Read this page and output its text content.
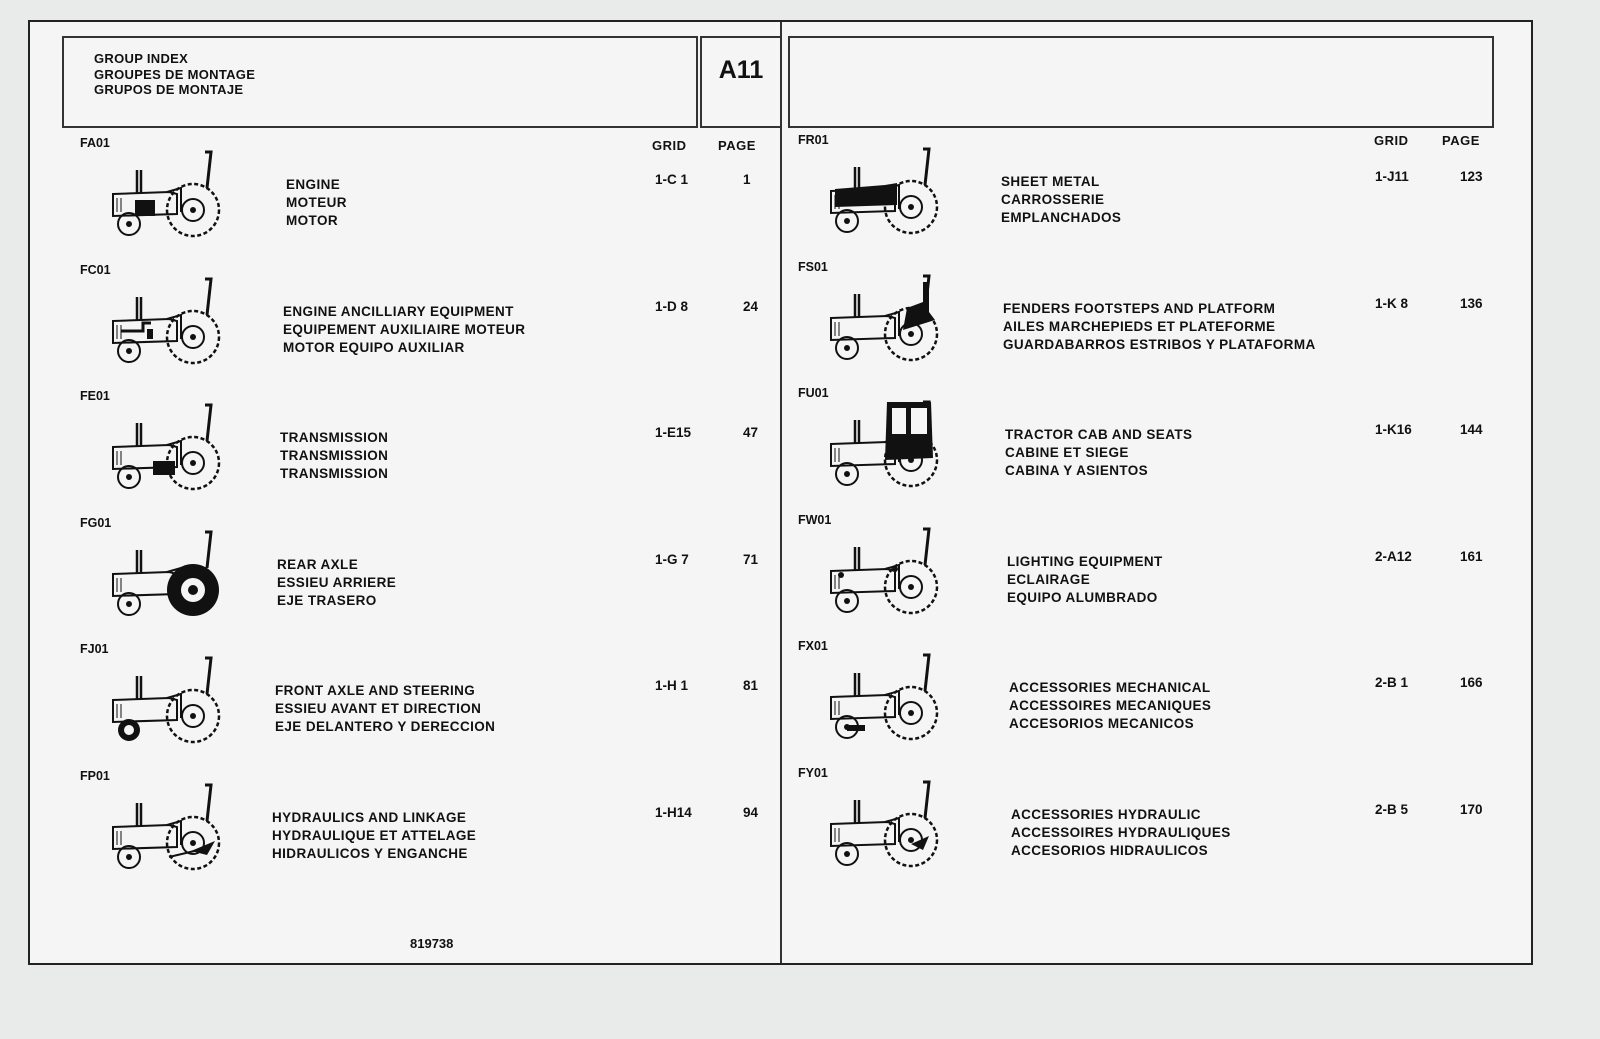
GROUP INDEX
GROUPES DE MONTAGE
GRUPOS DE MONTAJE
A11
GRID PAGE	GRID	PAGE
FA01
ENGINE
MOTEUR
MOTOR
1-C 1	1
FC01
ENGINE ANCILLIARY EQUIPMENT
EQUIPEMENT AUXILIAIRE MOTEUR
MOTOR EQUIPO AUXILIAR
1-D 8	24
FE01
TRANSMISSION
TRANSMISSION
TRANSMISSION
1-E15	47
FG01
REAR AXLE
ESSIEU ARRIERE
EJE TRASERO
1-G 7	71
FJ01
FRONT AXLE AND STEERING
ESSIEU AVANT ET DIRECTION
EJE DELANTERO Y DERECCION
1-H 1	81
FP01
HYDRAULICS AND LINKAGE
HYDRAULIQUE ET ATTELAGE
HIDRAULICOS Y ENGANCHE
1-H14	94
FR01
SHEET METAL
CARROSSERIE
EMPLANCHADOS
1-J11	123
FS01
FENDERS FOOTSTEPS AND PLATFORM
AILES MARCHEPIEDS ET PLATEFORME
GUARDABARROS ESTRIBOS Y PLATAFORMA
1-K 8	136
FU01
TRACTOR CAB AND SEATS
CABINE ET SIEGE
CABINA Y ASIENTOS
1-K16	144
FW01
LIGHTING EQUIPMENT
ECLAIRAGE
EQUIPO ALUMBRADO
2-A12	161
FX01
ACCESSORIES MECHANICAL
ACCESSOIRES MECANIQUES
ACCESORIOS MECANICOS
2-B 1	166
FY01
ACCESSORIES HYDRAULIC
ACCESSOIRES HYDRAULIQUES
ACCESORIOS HIDRAULICOS
2-B 5	170
819738
